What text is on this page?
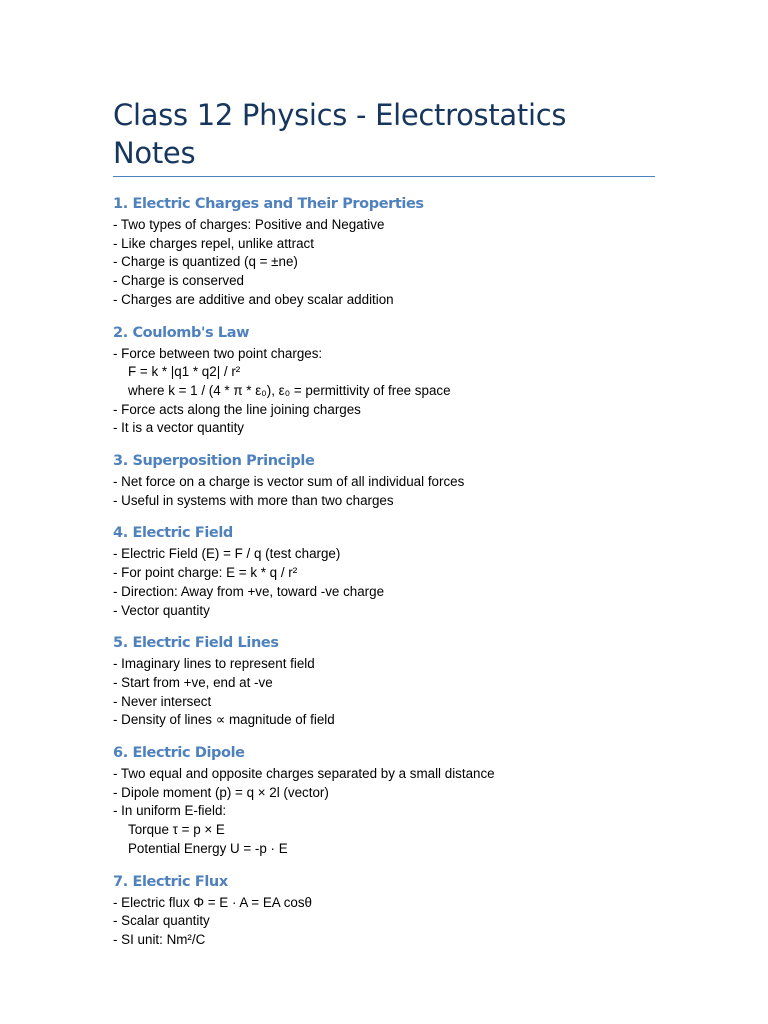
Class 12 Physics - Electrostatics Notes
1. Electric Charges and Their Properties
- Two types of charges: Positive and Negative
- Like charges repel, unlike attract
- Charge is quantized (q = ±ne)
- Charge is conserved
- Charges are additive and obey scalar addition
2. Coulomb's Law
- Force between two point charges:
F = k * |q1 * q2| / r²
where k = 1 / (4 * π * ε₀), ε₀ = permittivity of free space
- Force acts along the line joining charges
- It is a vector quantity
3. Superposition Principle
- Net force on a charge is vector sum of all individual forces
- Useful in systems with more than two charges
4. Electric Field
- Electric Field (E) = F / q (test charge)
- For point charge: E = k * q / r²
- Direction: Away from +ve, toward -ve charge
- Vector quantity
5. Electric Field Lines
- Imaginary lines to represent field
- Start from +ve, end at -ve
- Never intersect
- Density of lines ∝ magnitude of field
6. Electric Dipole
- Two equal and opposite charges separated by a small distance
- Dipole moment (p) = q × 2l (vector)
- In uniform E-field:
Torque τ = p × E
Potential Energy U = -p · E
7. Electric Flux
- Electric flux Φ = E · A = EA cosθ
- Scalar quantity
- SI unit: Nm²/C
